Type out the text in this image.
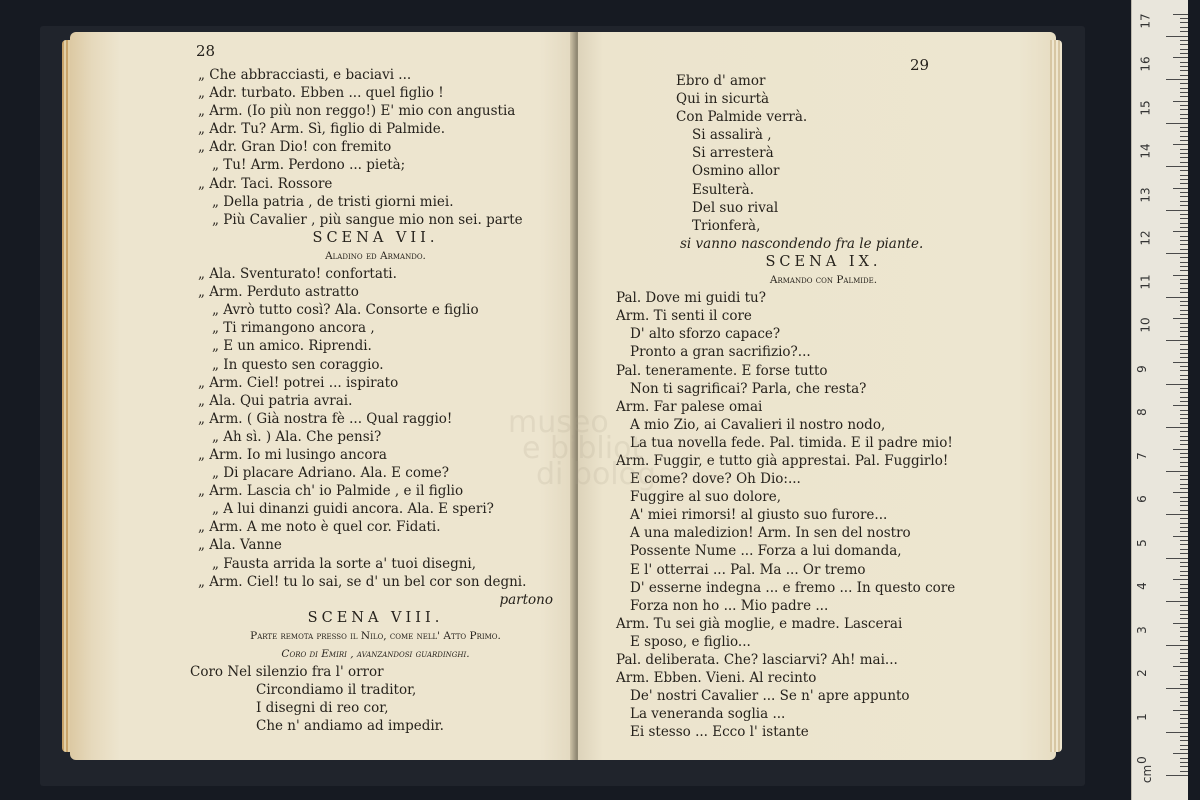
28
„ Che abbracciasti, e baciavi ...
„ Adr. turbato. Ebben ... quel figlio !
„ Arm. (Io più non reggo!) E' mio con angustia
„ Adr. Tu? Arm. Sì, figlio di Palmide.
„ Adr. Gran Dio! con fremito
„ Tu! Arm. Perdono ... pietà;
„ Adr. Taci. Rossore
„ Della patria , de tristi giorni miei.
„ Più Cavalier , più sangue mio non sei. parte
SCENA VII.
Aladino ed Armando.
„ Ala. Sventurato! confortati.
„ Arm. Perduto astratto
„ Avrò tutto così? Ala. Consorte e figlio
„ Ti rimangono ancora ,
„ E un amico. Riprendi.
„ In questo sen coraggio.
„ Arm. Ciel! potrei ... ispirato
„ Ala. Qui patria avrai.
„ Arm. ( Già nostra fè ... Qual raggio!
„ Ah sì. ) Ala. Che pensi?
„ Arm. Io mi lusingo ancora
„ Di placare Adriano. Ala. E come?
„ Arm. Lascia ch' io Palmide , e il figlio
„ A lui dinanzi guidi ancora. Ala. E speri?
„ Arm. A me noto è quel cor. Fidati.
„ Ala. Vanne
„ Fausta arrida la sorte a' tuoi disegni,
„ Arm. Ciel! tu lo sai, se d' un bel cor son degni.
partono
SCENA VIII.
Parte remota presso il Nilo, come nell' Atto Primo.
Coro di Emiri , avanzandosi guardinghi.
Coro Nel silenzio fra l' orror
Circondiamo il traditor,
I disegni di reo cor,
Che n' andiamo ad impedir.
29
Ebro d' amor
Qui in sicurtà
Con Palmide verrà.
Si assalirà ,
Si arresterà
Osmino allor
Esulterà.
Del suo rival
Trionferà,
si vanno nascondendo fra le piante.
SCENA IX.
Armando con Palmide.
Pal. Dove mi guidi tu?
Arm. Ti senti il core
D' alto sforzo capace?
Pronto a gran sacrifizio?...
Pal. teneramente. E forse tutto
Non ti sagrificai? Parla, che resta?
Arm. Far palese omai
A mio Zio, ai Cavalieri il nostro nodo,
La tua novella fede. Pal. timida. E il padre mio!
Arm. Fuggir, e tutto già apprestai. Pal. Fuggirlo!
E come? dove? Oh Dio:...
Fuggire al suo dolore,
A' miei rimorsi! al giusto suo furore...
A una maledizion! Arm. In sen del nostro
Possente Nume ... Forza a lui domanda,
E l' otterrai ... Pal. Ma ... Or tremo
D' esserne indegna ... e fremo ... In questo core
Forza non ho ... Mio padre ...
Arm. Tu sei già moglie, e madre. Lascerai
E sposo, e figlio...
Pal. deliberata. Che? lasciarvi? Ah! mai...
Arm. Ebben. Vieni. Al recinto
De' nostri Cavalier ... Se n' apre appunto
La veneranda soglia ...
Ei stesso ... Ecco l' istante
museo
e bibliot
di bolog
0
1
2
3
4
5
6
7
8
9
10
11
12
13
14
15
16
17
cm
